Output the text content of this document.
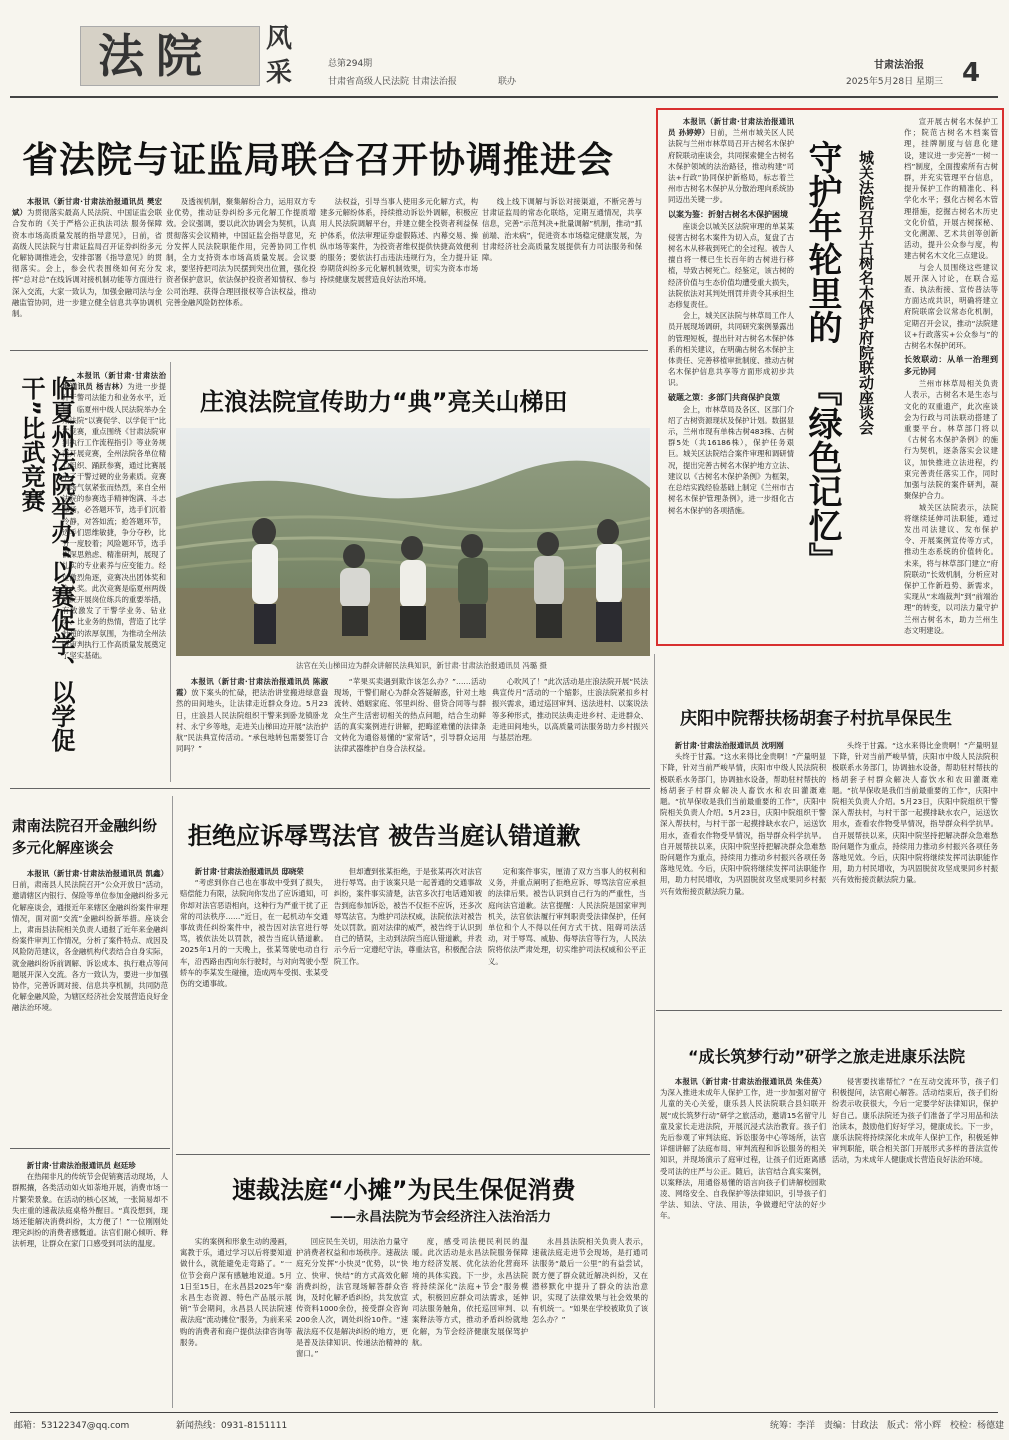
法院 风
采	总第294期
甘肃省高级人民法院 甘肃法治报	联办
甘肃法治报
2025年5月28日 星期三 4
省法院与证监局联合召开协调推进会

本报讯（新甘肃·甘肃法治报通讯员 樊宏斌）为贯彻落实最高人民法院、中国证监会联合发布的《关于严格公正执法司法 服务保障资本市场高质量发展的指导意见》，日前，省高级人民法院与甘肃证监局召开证券纠纷多元化解协调推进会，安排部署《指导意见》的贯彻落实。会上，参会代表围绕如何充分发挥“总对总”在线诉调对接机制功能等方面进行深入交流，大家一致认为，加强金融司法与金融监管协同，进一步建立健全信息共享协调机制。

及透视机制，聚集解纷合力，运用双方专业优势，推动证券纠纷多元化解工作提质增效。会议强调，要以此次协调会为契机，认真贯彻落实会议精神，中国证监会指导意见，充分发挥人民法院职能作用，完善协同工作机制，全力支持资本市场高质量发展。会议要求，要坚持把司法为民摆到突出位置，强化投资者保护意识，依法保护投资者知情权、参与公司治理、获得合理回报权等合法权益，推动完善金融风险防控体系。

法权益，引导当事人使用多元化解方式，构建多元解纷体系，持续推动诉讼外调解，积极应用人民法院调解平台，并建立健全投资者利益保护体系，依法审理证券虚假陈述、内幕交易、操纵市场等案件，为投资者维权提供快捷高效便利的服务；要依法打击违法违规行为，全力提升证券期货纠纷多元化解机制效果，切实为资本市场持续健康发展营造良好法治环境。

线上线下调解与诉讼对接渠道，不断完善与甘肃证监局的常态化联络，定期互通情况，共享信息，完善“示范判决+批量调解”机制，推动“抓前端、治未病”，促进资本市场稳定健康发展，为甘肃经济社会高质量发展提供有力司法服务和保障。	守护年轮里的
『绿色记忆』
城关法院召开古树名木保护府院联动座谈会

本报讯（新甘肃·甘肃法治报通讯员 孙婷婷）日前，兰州市城关区人民法院与兰州市林草局召开古树名木保护府院联动座谈会，共同探索健全古树名木保护领域的法治路径，推动构建“司法+行政”协同保护新格局，标志着兰州市古树名木保护从分散治理向系统协同迈出关键一步。

以案为鉴：折射古树名木保护困境

座谈会以城关区法院审理的单某某侵害古树名木案件为切入点，复盘了古树名木从移栽到死亡的全过程。被告人擅自将一棵已生长百年的古树进行移植，导致古树死亡。经鉴定，该古树的经济价值与生态价值均遭受重大损失，法院依法对其判处刑罚并责令其承担生态修复责任。

会上，城关区法院与林草局工作人员开展现场调研，共同研究案例暴露出的管理短板，提出针对古树名木保护体系的相关建议，在明确古树名木保护主体责任、完善移植审批制度、推动古树名木保护信息共享等方面形成初步共识。

破题之策：多部门共商保护良策

会上，市林草局及各区、区部门介绍了古树资源现状及保护计划。数据显示，兰州市现有单株古树483株、古树群5处（共16186株），保护任务艰巨。城关区法院结合案件审理和调研情况，提出完善古树名木保护地方立法、建议以《古树名木保护条例》为框架，在总结实践经验基础上制定《兰州市古树名木保护管理条例》，进一步细化古树名木保护的各项措施。

宣开展古树名木保护工作；院范古树名木档案管理，挂牌制度与信息化建设，建议进一步完善“一树一档”制度，全面搜索所有古树群，并充实管理平台信息，提升保护工作的精准化、科学化水平；强化古树名木管理措施，挖掘古树名木历史文化价值，开展古树探秘、文化溯源、艺术共创等创新活动，提升公众参与度，构建古树名木文化三点建设。

与会人员围绕这些建议展开深入讨论，在联合巡查、执法衔接、宣传普法等方面达成共识，明确将建立府院联席会议常态化机制，定期召开会议，推动“法院建议+行政落实+公众参与”的古树名木保护闭环。

长效联动：从单一治理到多元协同

兰州市林草局相关负责人表示，古树名木是生态与文化的双重遗产，此次座谈会为行政与司法联动搭建了重要平台。林草部门将以《古树名木保护条例》的施行为契机，逐条落实会议建议，加快推进立法进程，约束完善责任落实工作，同时加强与法院的案件研判，凝聚保护合力。

城关区法院表示，法院将继续延伸司法职能，通过发出司法建议、发布保护令、开展案例宣传等方式，推动生态系统的价值转化。未来，将与林草部门建立“府院联动”长效机制，分析应对保护工作新趋势、新需求，实现从“末端裁判”到“前端治理”的转变，以司法力量守护兰州古树名木，助力兰州生态文明建设。

临夏州法院举办“以赛促学、以学促干”比武竞赛

本报讯（新甘肃·甘肃法治报通讯员 杨吉林）为进一步提升干警司法能力和业务水平，近日，临夏州中级人民法院举办全州法院“以赛促学、以学促干”比武竞赛，重点围绕《甘肃法院审判执行工作流程指引》等业务规范开展竞赛，全州法院各单位精心组织、踊跃参赛，通过比赛展示了干警过硬的业务素质。竞赛现场气氛紧张而热烈，来自全州法院的参赛选手精神饱满、斗志昂扬，必答题环节，选手们沉着冷静，对答如流；抢答题环节，选手们思维敏捷，争分夺秒，比分一度胶着；风险题环节，选手们深思熟虑、精准研判，展现了扎实的专业素养与应变能力。经过激烈角逐，竞赛决出团体奖和个人奖。此次竞赛是临夏州两级法院开展岗位练兵的重要举措，有效激发了干警学业务、钻业务、比业务的热情，营造了比学赶超的浓厚氛围，为推动全州法院审判执行工作高质量发展奠定了坚实基础。

庄浪法院宣传助力“典”亮关山梯田
法官在关山梯田边为群众讲解民法典知识，新甘肃·甘肃法治报通讯员 冯璐 摄

本报讯（新甘肃·甘肃法治报通讯员 陈淑霞）放下案头的忙碌，把法治讲堂搬进绿意盎然的田间地头，让法律走近群众身边。5月23日，庄浪县人民法院组织干警来到卧龙镇卧龙村、永宁乡等地，走进关山梯田边开展“法治护航”民法典宣传活动。“承包地转包需要签订合同吗？”

“苹果买卖遇到欺诈该怎么办？”……活动现场，干警们耐心为群众答疑解惑，针对土地流转、婚姻家庭、邻里纠纷、借贷合同等与群众生产生活密切相关的热点问题，结合生动鲜活的真实案例进行讲解，把晦涩难懂的法律条文转化为通俗易懂的“家常话”，引导群众运用法律武器维护自身合法权益。

心吹风了！”此次活动是庄浪法院开展“民法典宣传月”活动的一个缩影，庄浪法院紧扣乡村振兴需求，通过巡回审判、送法进村、以案说法等多种形式，推动民法典走进乡村、走进群众、走进田间地头，以高质量司法服务助力乡村振兴与基层治理。

庆阳中院帮扶杨胡套子村抗旱保民生

新甘肃·甘肃法治报通讯员 沈明刚

头终于甘露。“这水来得比金贵啊！”产量明显下降，针对当前严峻旱情，庆阳市中级人民法院积极联系水务部门，协调抽水设备，帮助驻村帮扶的杨胡套子村群众解决人畜饮水和农田灌溉难题。“抗旱保收是我们当前最重要的工作”，庆阳中院相关负责人介绍。5月23日，庆阳中院组织干警深入帮扶村，与村干部一起摸排缺水农户，运送饮用水，查看农作物受旱情况，指导群众科学抗旱。自开展帮扶以来，庆阳中院坚持把解决群众急难愁盼问题作为重点，持续用力推动乡村振兴各项任务落地见效。今后，庆阳中院将继续发挥司法职能作用，助力村民增收，为巩固脱贫攻坚成果同乡村振兴有效衔接贡献法院力量。

头终于甘露。“这水来得比金贵啊！”产量明显下降，针对当前严峻旱情，庆阳市中级人民法院积极联系水务部门，协调抽水设备，帮助驻村帮扶的杨胡套子村群众解决人畜饮水和农田灌溉难题。“抗旱保收是我们当前最重要的工作”，庆阳中院相关负责人介绍。5月23日，庆阳中院组织干警深入帮扶村，与村干部一起摸排缺水农户，运送饮用水，查看农作物受旱情况，指导群众科学抗旱。自开展帮扶以来，庆阳中院坚持把解决群众急难愁盼问题作为重点，持续用力推动乡村振兴各项任务落地见效。今后，庆阳中院将继续发挥司法职能作用，助力村民增收，为巩固脱贫攻坚成果同乡村振兴有效衔接贡献法院力量。

肃南法院召开金融纠纷多元化解座谈会

本报讯（新甘肃·甘肃法治报通讯员 凯鑫）日前，肃南县人民法院召开“公众开放日”活动，邀请辖区内银行、保险等单位参加金融纠纷多元化解座谈会，通报近年来辖区金融纠纷案件审理情况，面对面“交流”金融纠纷新举措。座谈会上，肃南县法院相关负责人通报了近年来金融纠纷案件审判工作情况，分析了案件特点、成因及风险防范建议，各金融机构代表结合自身实际，就金融纠纷诉前调解、诉讼成本、执行难点等问题展开深入交流。各方一致认为，要进一步加强协作，完善诉调对接、信息共享机制，共同防范化解金融风险，为辖区经济社会发展营造良好金融法治环境。

新甘肃·甘肃法治报通讯员 赵廷珍

在热闹非凡的传统节会促销赛活动现场，人群熙攘，各类活动如火如荼地开展，消费市场一片繁荣景象。在活动的核心区域，一张简易却不失庄重的速裁法庭桌格外醒目。“真没想到，现场还能解决消费纠纷，太方便了！”一位刚刚处理完纠纷的消费者感慨道。法官们耐心倾听、释法析理，让群众在家门口感受到司法的温度。

拒绝应诉辱骂法官 被告当庭认错道歉

新甘肃·甘肃法治报通讯员 邸晓荣

“考虑到你自己也在事故中受到了损失，赔偿能力有限，法院向你发出了应诉通知，可你却对法官恶语相向，这种行为严重干扰了正常的司法秩序……”近日，在一起机动车交通事故责任纠纷案件中，被告因对法官进行辱骂，被依法处以罚款，被告当庭认错道歉。2025年1月的一天晚上，张某驾驶电动自行车，沿西路由西向东行驶时，与对向驾驶小型轿车的李某发生碰撞，造成两车受损、张某受伤的交通事故。

但却遭到张某拒绝，于是张某再次对法官进行辱骂。由于该案只是一起普通的交通事故纠纷，案件事实清楚，法官多次打电话通知被告到庭参加诉讼，被告不仅拒不应诉，还多次辱骂法官。为维护司法权威，法院依法对被告处以罚款。面对法律的威严，被告终于认识到自己的错误，主动到法院当庭认错道歉，并表示今后一定遵纪守法，尊重法官，积极配合法院工作。

定和案件事实，厘清了双方当事人的权利和义务，并重点阐明了拒绝应诉、辱骂法官应承担的法律后果。被告认识到自己行为的严重性，当庭向法官道歉。法官提醒：人民法院是国家审判机关，法官依法履行审判职责受法律保护，任何单位和个人不得以任何方式干扰、阻碍司法活动，对于辱骂、威胁、侮辱法官等行为，人民法院将依法严肃处理，切实维护司法权威和公平正义。

“成长筑梦行动”研学之旅走进康乐法院

本报讯（新甘肃·甘肃法治报通讯员 朱佳英）为深入推进未成年人保护工作，进一步加强对留守儿童的关心关爱，康乐县人民法院联合县妇联开展“成长筑梦行动”研学之旅活动，邀请15名留守儿童及家长走进法院，开展沉浸式法治教育。孩子们先后参观了审判法庭、诉讼服务中心等场所，法官详细讲解了法庭布局、审判流程和诉讼服务的相关知识，并现场演示了庭审过程，让孩子们近距离感受司法的庄严与公正。随后，法官结合真实案例，以案释法，用通俗易懂的语言向孩子们讲解校园欺凌、网络安全、自我保护等法律知识，引导孩子们学法、知法、守法、用法，争做遵纪守法的好少年。

侵害要找谁帮忙？”在互动交流环节，孩子们积极提问，法官耐心解答。活动结束后，孩子们纷纷表示收获很大，今后一定要学好法律知识，保护好自己。康乐法院还为孩子们准备了学习用品和法治读本，鼓励他们好好学习，健康成长。下一步，康乐法院将持续深化未成年人保护工作，积极延伸审判职能，联合相关部门开展形式多样的普法宣传活动，为未成年人健康成长营造良好法治环境。

速裁法庭“小摊”为民生保促消费
——永昌法院为节会经济注入法治活力

实的案例和形象生动的漫画，寓教于乐，通过学习以后将要知道做什么，就能避免走弯路了。“一位节会商户深有感触地说道。5月1日至15日，在永昌县2025年“秦永昌生态资源、特色产品展示展销”节会期间，永昌县人民法院速裁法庭“流动摊位”服务，为前来采购的消费者和商户提供法律咨询等服务。

回应民生关切，用法治力量守护消费者权益和市场秩序。速裁法庭充分发挥“小快灵”优势，以“快立、快审、快结”的方式高效化解消费纠纷，法官现场解答群众咨询，及时化解矛盾纠纷，共发放宣传资料1000余份，接受群众咨询200余人次，调处纠纷10件。“速裁法庭不仅是解决纠纷的地方，更是普及法律知识、传递法治精神的窗口。”

度，感受司法便民利民的温暖。此次活动是永昌法院服务保障地方经济发展、优化法治化营商环境的具体实践。下一步，永昌法院将持续深化“法庭+节会”服务模式，积极回应群众司法需求，延伸司法服务触角，依托巡回审判、以案释法等方式，推动矛盾纠纷就地化解，为节会经济健康发展保驾护航。

永昌县法院相关负责人表示，速裁法庭走进节会现场，是打通司法服务“最后一公里”的有益尝试，既方便了群众就近解决纠纷，又在潜移默化中提升了群众的法治意识，实现了法律效果与社会效果的有机统一。“如果在学校被欺负了该怎么办？”

邮箱：53122347@qq.com	新闻热线：0931-8151111	统筹：李洋　责编：甘政法　版式：常小辉　校检：杨德建
